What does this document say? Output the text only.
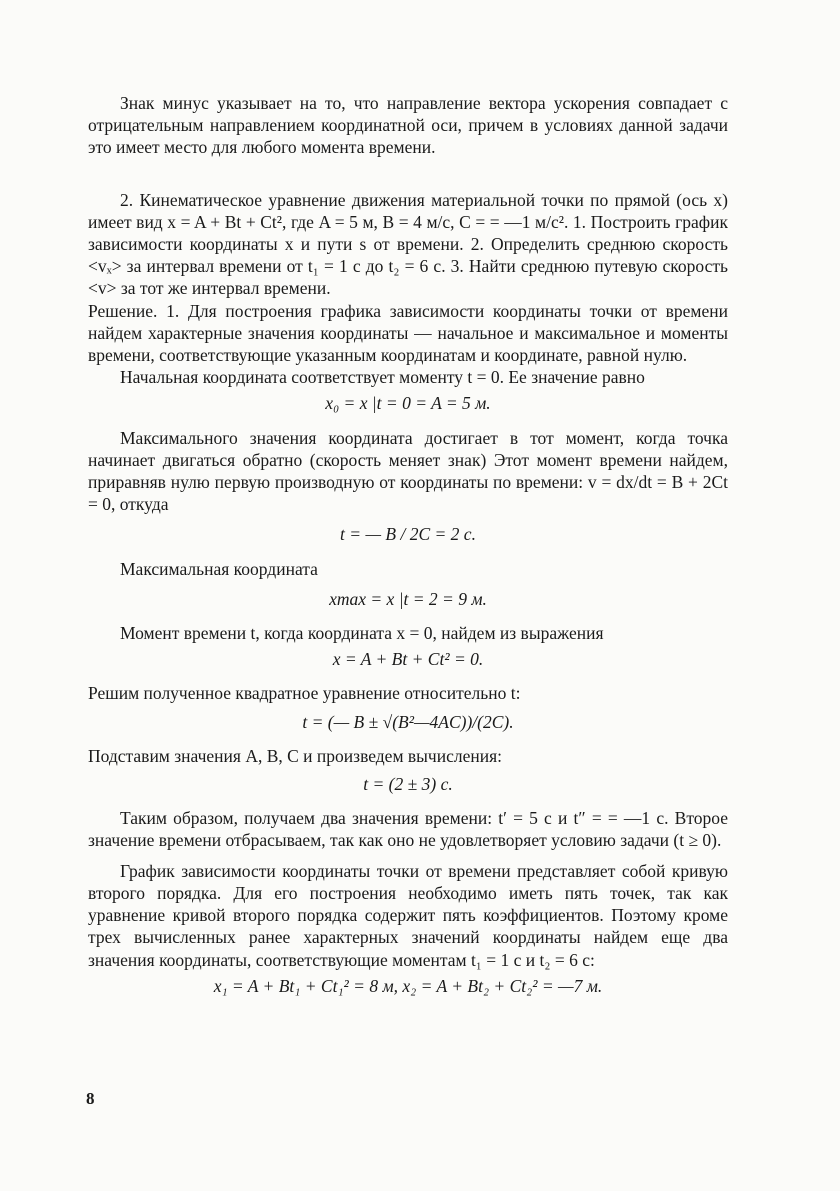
Знак минус указывает на то, что направление вектора ускорения совпадает с отрицательным направлением координатной оси, причем в условиях данной задачи это имеет место для любого момента времени.

2. Кинематическое уравнение движения материальной точки по прямой (ось x) имеет вид x = A + Bt + Ct², где A = 5 м, B = 4 м/с, C = = —1 м/с². 1. Построить график зависимости координаты x и пути s от времени. 2. Определить среднюю скорость <vₓ> за интервал времени от t₁ = 1 с до t₂ = 6 с. 3. Найти среднюю путевую скорость <v> за тот же интервал времени.

Решение. 1. Для построения графика зависимости координаты точки от времени найдем характерные значения координаты — начальное и максимальное и моменты времени, соответствующие указанным координатам и координате, равной нулю.

Начальная координата соответствует моменту t = 0. Ее значение равно

x₀ = x |t = 0 = A = 5 м.

Максимального значения координата достигает в тот момент, когда точка начинает двигаться обратно (скорость меняет знак) Этот момент времени найдем, приравняв нулю первую производную от координаты по времени: v = dx/dt = B + 2Ct = 0, откуда

t = — B / 2C = 2 с.

Максимальная координата

xmax = x |t = 2 = 9 м.

Момент времени t, когда координата x = 0, найдем из выражения

x = A + Bt + Ct² = 0.

Решим полученное квадратное уравнение относительно t:

t = (— B ± √(B²—4AC))/(2C).

Подставим значения A, B, C и произведем вычисления:

t = (2 ± 3) с.

Таким образом, получаем два значения времени: t′ = 5 с и t″ = = —1 с. Второе значение времени отбрасываем, так как оно не удовлетворяет условию задачи (t ≥ 0).

График зависимости координаты точки от времени представляет собой кривую второго порядка. Для его построения необходимо иметь пять точек, так как уравнение кривой второго порядка содержит пять коэффициентов. Поэтому кроме трех вычисленных ранее характерных значений координаты найдем еще два значения координаты, соответствующие моментам t₁ = 1 с и t₂ = 6 с:

x₁ = A + Bt₁ + Ct₁² = 8 м, x₂ = A + Bt₂ + Ct₂² = —7 м.

8
